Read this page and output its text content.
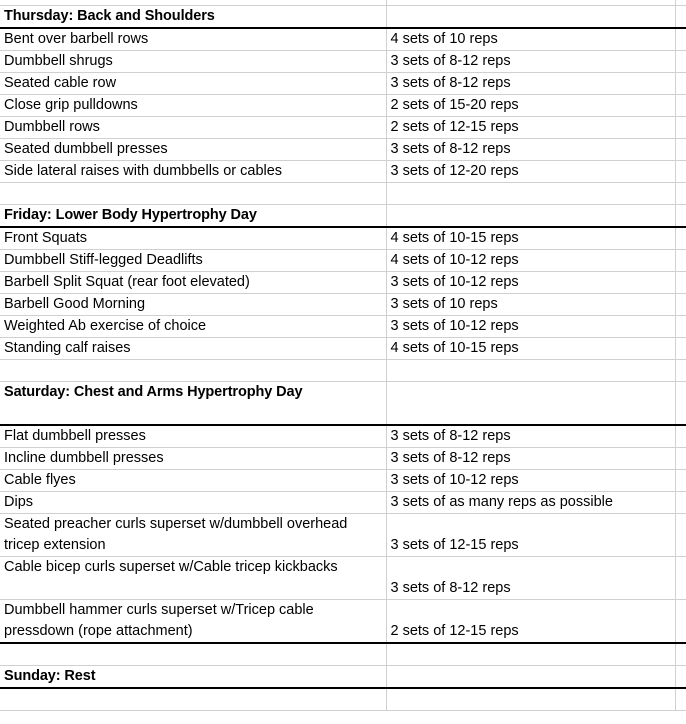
Thursday: Back and Shoulders		
Bent over barbell rows	4 sets of 10 reps	
Dumbbell shrugs	3 sets of 8-12 reps	
Seated cable row	3 sets of 8-12 reps	
Close grip pulldowns	2 sets of 15-20 reps	
Dumbbell rows	2 sets of 12-15 reps	
Seated dumbbell presses	3 sets of 8-12 reps	
Side lateral raises with dumbbells or cables	3 sets of 12-20 reps	

Friday: Lower Body Hypertrophy Day		
Front Squats	4 sets of 10-15 reps	
Dumbbell Stiff-legged Deadlifts	4 sets of 10-12 reps	
Barbell Split Squat (rear foot elevated)	3 sets of 10-12 reps	
Barbell Good Morning	3 sets of 10 reps	
Weighted Ab exercise of choice	3 sets of 10-12 reps	
Standing calf raises	4 sets of 10-15 reps	

Saturday: Chest and Arms Hypertrophy Day		
Flat dumbbell presses	3 sets of 8-12 reps	
Incline dumbbell presses	3 sets of 8-12 reps	
Cable flyes	3 sets of 10-12 reps	
Dips	3 sets of as many reps as possible	
Seated preacher curls superset w/dumbbell overhead tricep extension	3 sets of 12-15 reps	
Cable bicep curls superset w/Cable tricep kickbacks	3 sets of 8-12 reps	
Dumbbell hammer curls superset w/Tricep cable pressdown (rope attachment)	2 sets of 12-15 reps	

Sunday: Rest		
